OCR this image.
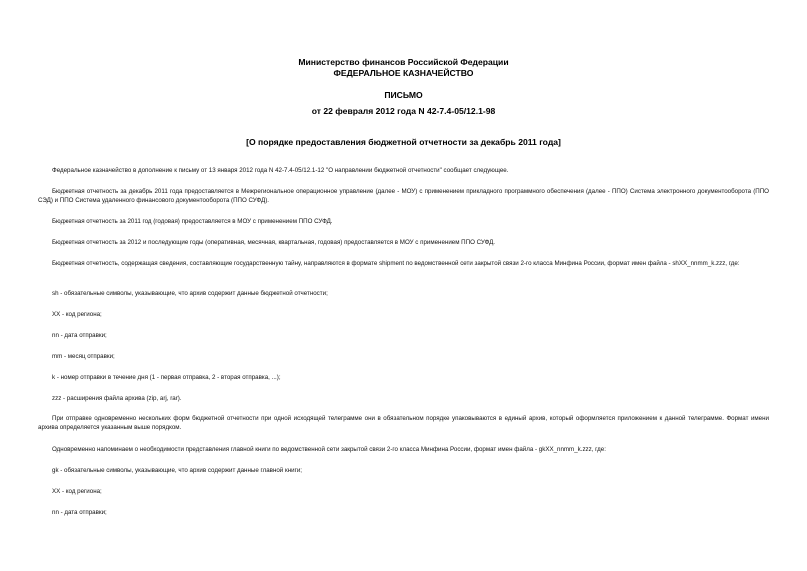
Министерство финансов Российской Федерации
ФЕДЕРАЛЬНОЕ КАЗНАЧЕЙСТВО
ПИСЬМО
от 22 февраля 2012 года N 42-7.4-05/12.1-98
[О порядке предоставления бюджетной отчетности за декабрь 2011 года]
Федеральное казначейство в дополнение к письму от 13 января 2012 года N 42-7.4-05/12.1-12 "О направлении бюджетной отчетности" сообщает следующее.
Бюджетная отчетность за декабрь 2011 года предоставляется в Межрегиональное операционное управление (далее - МОУ) с применением прикладного программного обеспечения (далее - ППО) Система электронного документооборота (ППО СЭД) и ППО Система удаленного финансового документооборота (ППО СУФД).
Бюджетная отчетность за 2011 год (годовая) предоставляется в МОУ с применением ППО СУФД.
Бюджетная отчетность за 2012 и последующие годы (оперативная, месячная, квартальная, годовая) предоставляется в МОУ с применением ППО СУФД.
Бюджетная отчетность, содержащая сведения, составляющие государственную тайну, направляются в формате shipment по ведомственной сети закрытой связи 2-го класса Минфина России, формат имен файла - shXX_nnmm_k.zzz, где:
sh - обязательные символы, указывающие, что архив содержит данные бюджетной отчетности;
XX - код региона;
nn - дата отправки;
mm - месяц отправки;
k - номер отправки в течение дня (1 - первая отправка, 2 - вторая отправка, ...);
zzz - расширения файла архива (zip, arj, rar).
При отправке одновременно нескольких форм бюджетной отчетности при одной исходящей телеграмме они в обязательном порядке упаковываются в единый архив, который оформляется приложением к данной телеграмме. Формат имени архива определяется указанным выше порядком.
Одновременно напоминаем о необходимости представления главной книги по ведомственной сети закрытой связи 2-го класса Минфина России, формат имен файла - gkXX_nnmm_k.zzz, где:
gk - обязательные символы, указывающие, что архив содержит данные главной книги;
XX - код региона;
nn - дата отправки;
